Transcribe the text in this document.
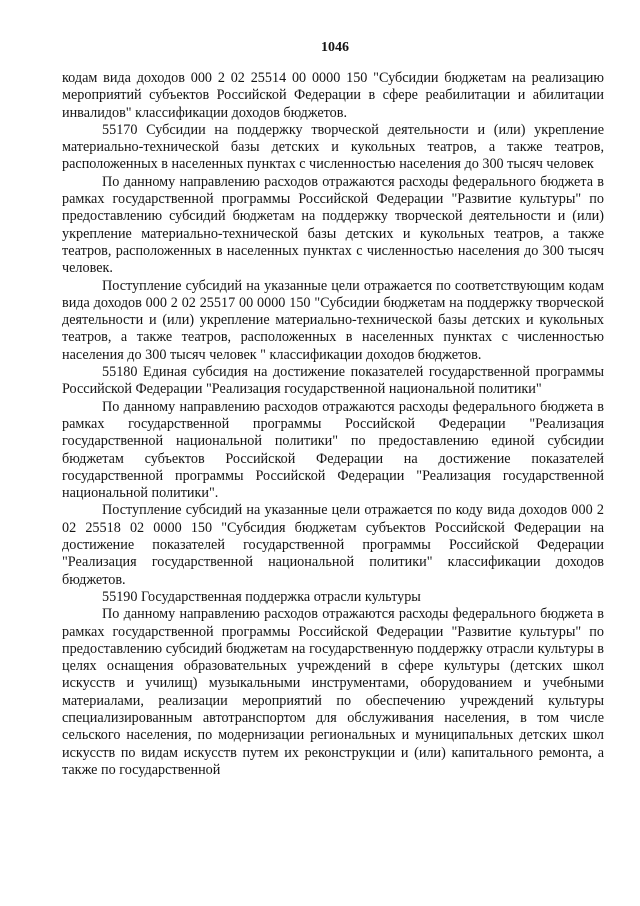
1046

кодам вида доходов 000 2 02 25514 00 0000 150 "Субсидии бюджетам на реализацию мероприятий субъектов Российской Федерации в сфере реабилитации и абилитации инвалидов" классификации доходов бюджетов.

55170 Субсидии на поддержку творческой деятельности и (или) укрепление материально-технической базы детских и кукольных театров, а также театров, расположенных в населенных пунктах с численностью населения до 300 тысяч человек

По данному направлению расходов отражаются расходы федерального бюджета в рамках государственной программы Российской Федерации "Развитие культуры" по предоставлению субсидий бюджетам на поддержку творческой деятельности и (или) укрепление материально-технической базы детских и кукольных театров, а также театров, расположенных в населенных пунктах с численностью населения до 300 тысяч человек.

Поступление субсидий на указанные цели отражается по соответствующим кодам вида доходов 000 2 02 25517 00 0000 150 "Субсидии бюджетам на поддержку творческой деятельности и (или) укрепление материально-технической базы детских и кукольных театров, а также театров, расположенных в населенных пунктах с численностью населения до 300 тысяч человек " классификации доходов бюджетов.

55180 Единая субсидия на достижение показателей государственной программы Российской Федерации "Реализация государственной национальной политики"

По данному направлению расходов отражаются расходы федерального бюджета в рамках государственной программы Российской Федерации "Реализация государственной национальной политики" по предоставлению единой субсидии бюджетам субъектов Российской Федерации на достижение показателей государственной программы Российской Федерации "Реализация государственной национальной политики".

Поступление субсидий на указанные цели отражается по коду вида доходов 000 2 02 25518 02 0000 150 "Субсидия бюджетам субъектов Российской Федерации на достижение показателей государственной программы Российской Федерации "Реализация государственной национальной политики" классификации доходов бюджетов.

55190 Государственная поддержка отрасли культуры

По данному направлению расходов отражаются расходы федерального бюджета в рамках государственной программы Российской Федерации "Развитие культуры" по предоставлению субсидий бюджетам на государственную поддержку отрасли культуры в целях оснащения образовательных учреждений в сфере культуры (детских школ искусств и училищ) музыкальными инструментами, оборудованием и учебными материалами, реализации мероприятий по обеспечению учреждений культуры специализированным автотранспортом для обслуживания населения, в том числе сельского населения, по модернизации региональных и муниципальных детских школ искусств по видам искусств путем их реконструкции и (или) капитального ремонта, а также по государственной
